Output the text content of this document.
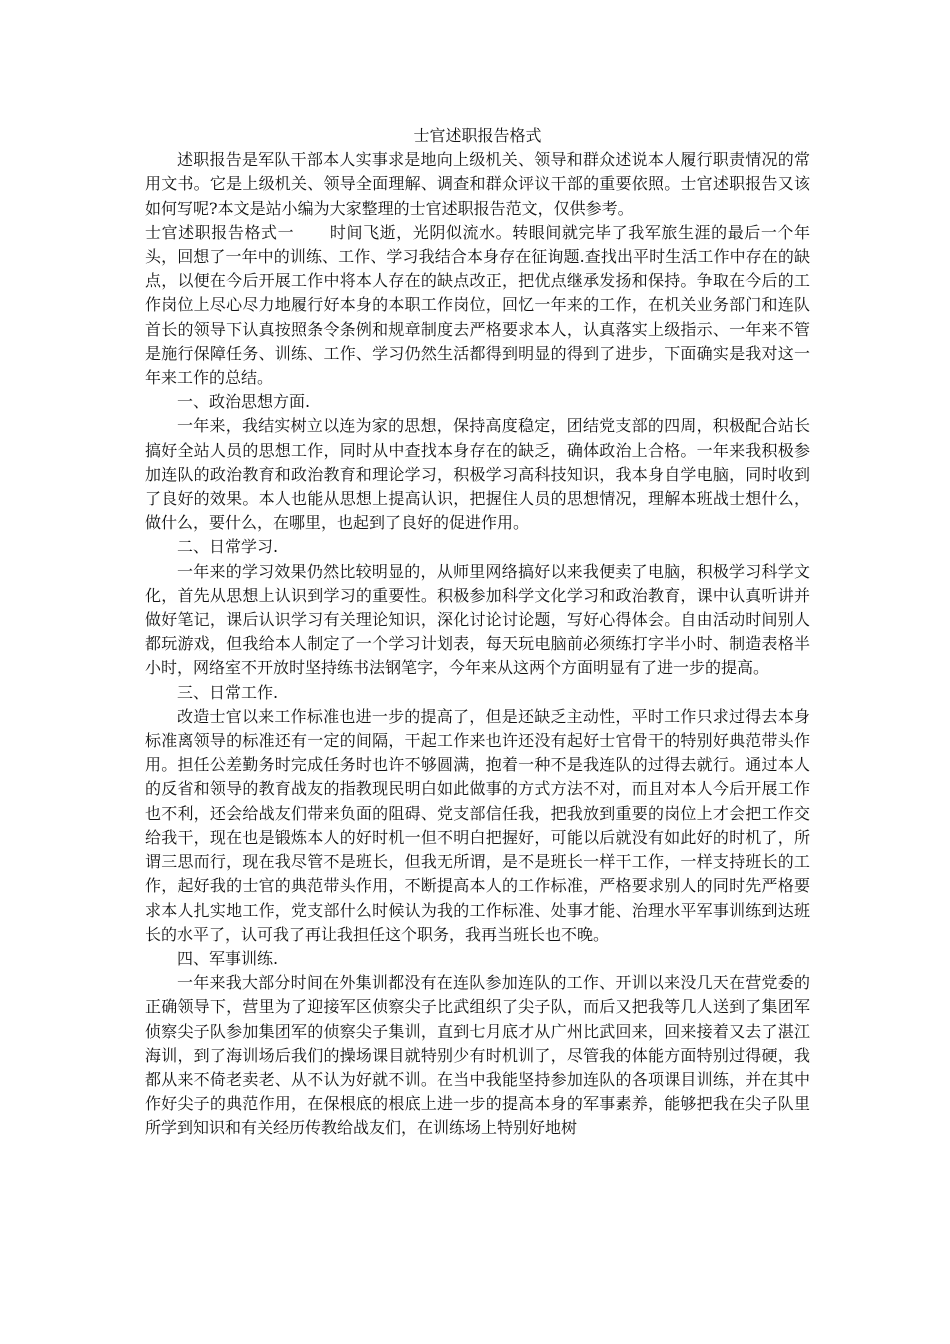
士官述职报告格式

述职报告是军队干部本人实事求是地向上级机关、领导和群众述说本人履行职责情况的常用文书。它是上级机关、领导全面理解、调查和群众评议干部的重要依照。士官述职报告又该如何写呢?本文是站小编为大家整理的士官述职报告范文，仅供参考。

士官述职报告格式一 时间飞逝，光阴似流水。转眼间就完毕了我军旅生涯的最后一个年头，回想了一年中的训练、工作、学习我结合本身存在征询题.查找出平时生活工作中存在的缺点，以便在今后开展工作中将本人存在的缺点改正，把优点继承发扬和保持。争取在今后的工作岗位上尽心尽力地履行好本身的本职工作岗位，回忆一年来的工作，在机关业务部门和连队首长的领导下认真按照条令条例和规章制度去严格要求本人，认真落实上级指示、一年来不管是施行保障任务、训练、工作、学习仍然生活都得到明显的得到了进步，下面确实是我对这一年来工作的总结。

一、政治思想方面.

一年来，我结实树立以连为家的思想，保持高度稳定，团结党支部的四周，积极配合站长搞好全站人员的思想工作，同时从中查找本身存在的缺乏，确体政治上合格。一年来我积极参加连队的政治教育和政治教育和理论学习，积极学习高科技知识，我本身自学电脑，同时收到了良好的效果。本人也能从思想上提高认识，把握住人员的思想情况，理解本班战士想什么，做什么，要什么，在哪里，也起到了良好的促进作用。

二、日常学习.

一年来的学习效果仍然比较明显的，从师里网络搞好以来我便卖了电脑，积极学习科学文化，首先从思想上认识到学习的重要性。积极参加科学文化学习和政治教育，课中认真听讲并做好笔记，课后认识学习有关理论知识，深化讨论讨论题，写好心得体会。自由活动时间别人都玩游戏，但我给本人制定了一个学习计划表，每天玩电脑前必须练打字半小时、制造表格半小时，网络室不开放时坚持练书法钢笔字，今年来从这两个方面明显有了进一步的提高。

三、日常工作.

改造士官以来工作标准也进一步的提高了，但是还缺乏主动性，平时工作只求过得去本身标准离领导的标准还有一定的间隔，干起工作来也许还没有起好士官骨干的特别好典范带头作用。担任公差勤务时完成任务时也许不够圆满，抱着一种不是我连队的过得去就行。通过本人的反省和领导的教育战友的指教现民明白如此做事的方式方法不对，而且对本人今后开展工作也不利，还会给战友们带来负面的阻碍、党支部信任我，把我放到重要的岗位上才会把工作交给我干，现在也是锻炼本人的好时机一但不明白把握好，可能以后就没有如此好的时机了，所谓三思而行，现在我尽管不是班长，但我无所谓，是不是班长一样干工作，一样支持班长的工作，起好我的士官的典范带头作用，不断提高本人的工作标准，严格要求别人的同时先严格要求本人扎实地工作，党支部什么时候认为我的工作标准、处事才能、治理水平军事训练到达班长的水平了，认可我了再让我担任这个职务，我再当班长也不晚。

四、军事训练.

一年来我大部分时间在外集训都没有在连队参加连队的工作、开训以来没几天在营党委的正确领导下，营里为了迎接军区侦察尖子比武组织了尖子队，而后又把我等几人送到了集团军侦察尖子队参加集团军的侦察尖子集训，直到七月底才从广州比武回来，回来接着又去了湛江海训，到了海训场后我们的操场课目就特别少有时机训了，尽管我的体能方面特别过得硬，我都从来不倚老卖老、从不认为好就不训。在当中我能坚持参加连队的各项课目训练，并在其中作好尖子的典范作用，在保根底的根底上进一步的提高本身的军事素养，能够把我在尖子队里所学到知识和有关经历传教给战友们，在训练场上特别好地树
